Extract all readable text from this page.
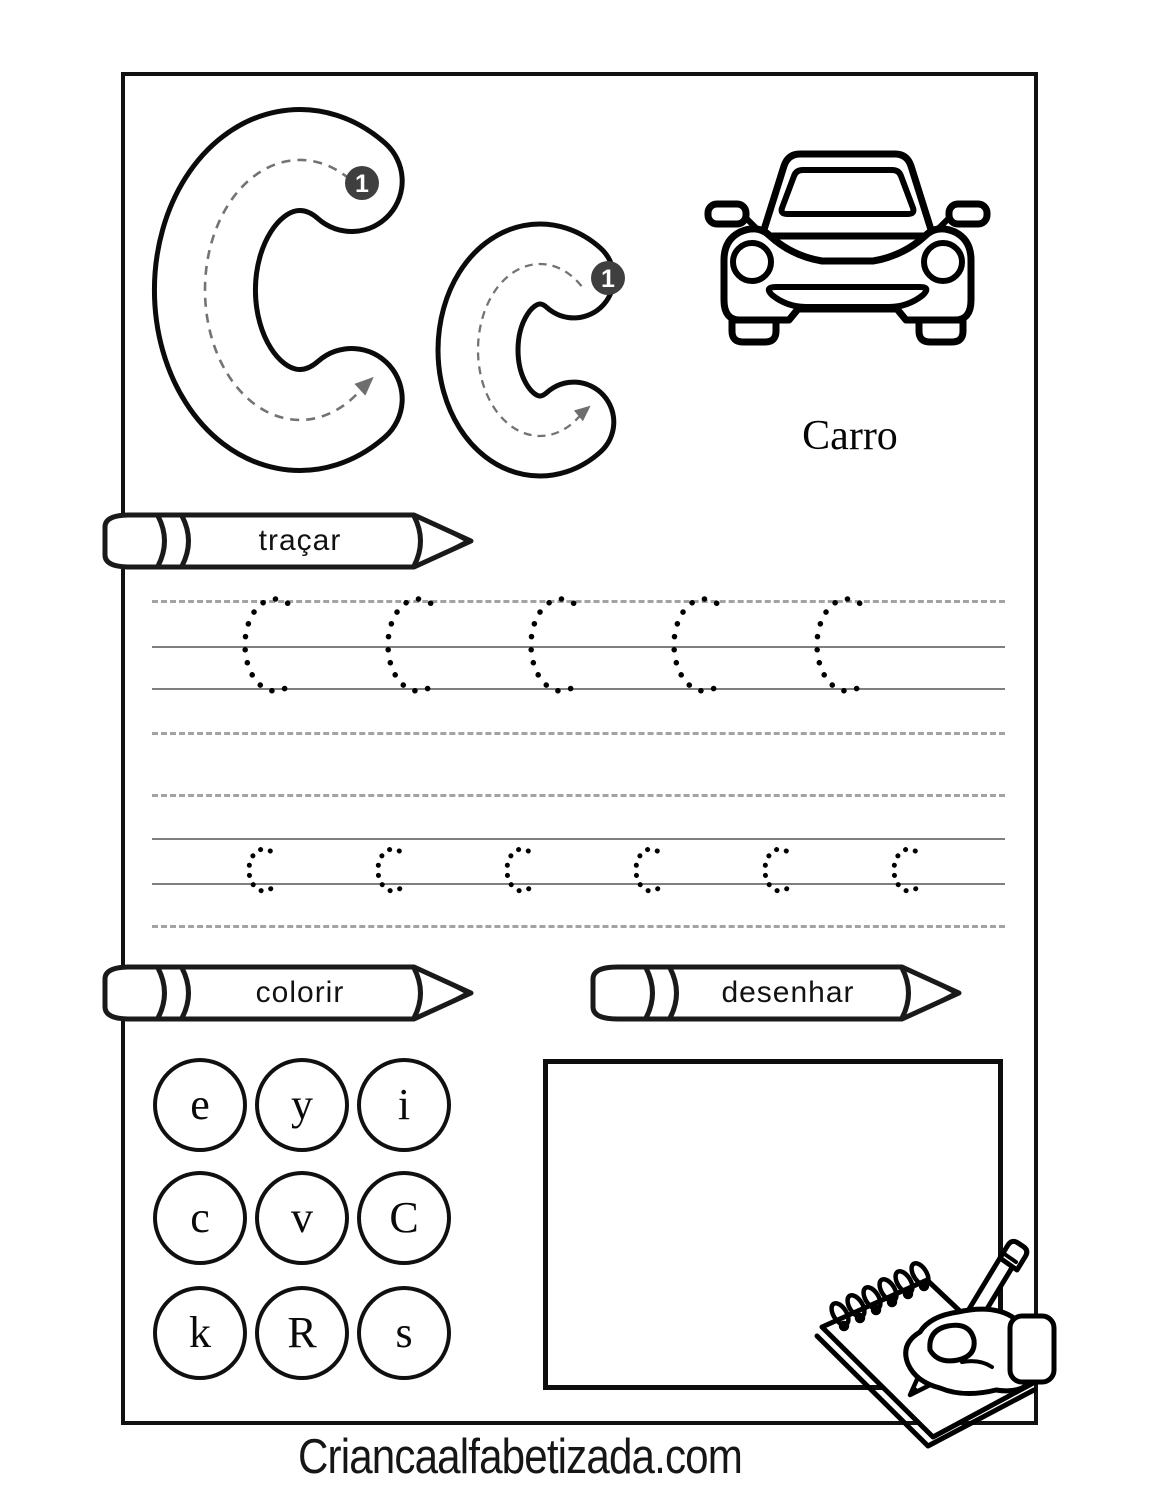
1
1
Carro
traçar
colorir	desenhar
e y i
c v C
k R s
Criancaalfabetizada.com
